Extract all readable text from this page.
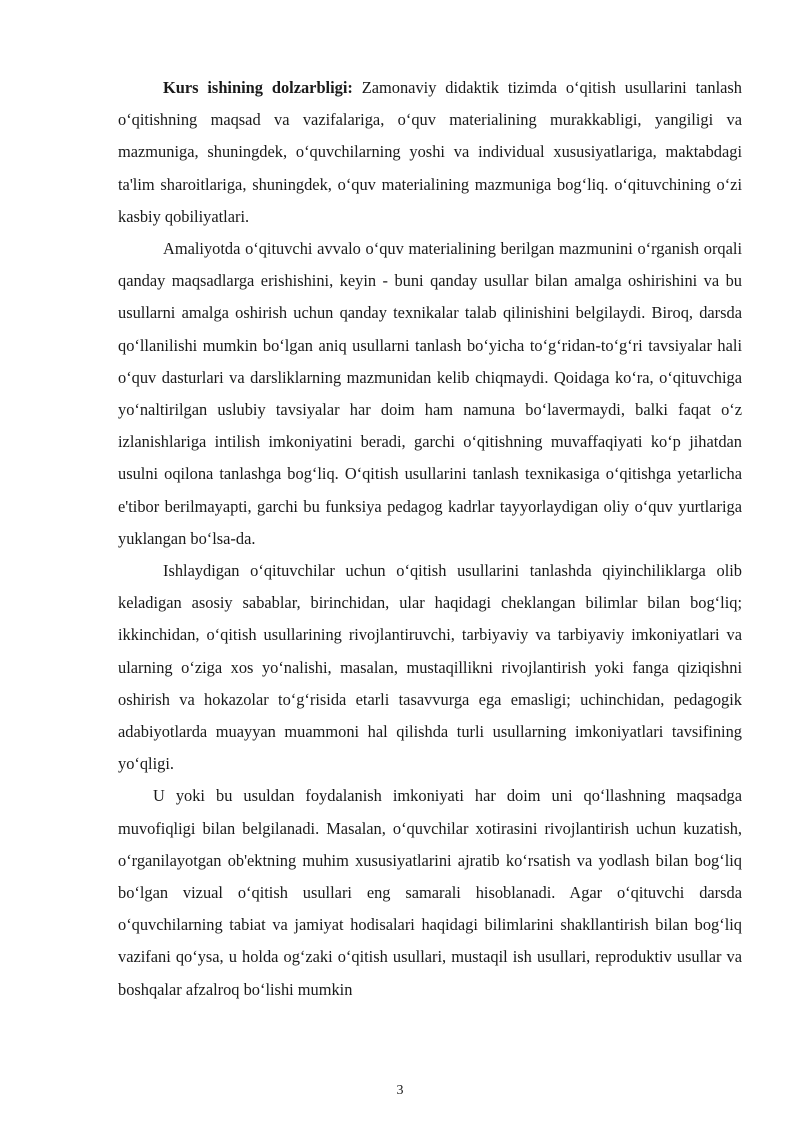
Kurs ishining dolzarbligi: Zamonaviy didaktik tizimda o‘qitish usullarini tanlash o‘qitishning maqsad va vazifalariga, o‘quv materialining murakkabligi, yangiligi va mazmuniga, shuningdek, o‘quvchilarning yoshi va individual xususiyatlariga, maktabdagi ta'lim sharoitlariga, shuningdek, o‘quv materialining mazmuniga bog‘liq. o‘qituvchining o‘zi kasbiy qobiliyatlari.

Amaliyotda o‘qituvchi avvalo o‘quv materialining berilgan mazmunini o‘rganish orqali qanday maqsadlarga erishishini, keyin - buni qanday usullar bilan amalga oshirishini va bu usullarni amalga oshirish uchun qanday texnikalar talab qilinishini belgilaydi. Biroq, darsda qo‘llanilishi mumkin bo‘lgan aniq usullarni tanlash bo‘yicha to‘g‘ridan-to‘g‘ri tavsiyalar hali o‘quv dasturlari va darsliklarning mazmunidan kelib chiqmaydi. Qoidaga ko‘ra, o‘qituvchiga yo‘naltirilgan uslubiy tavsiyalar har doim ham namuna bo‘lavermaydi, balki faqat o‘z izlanishlariga intilish imkoniyatini beradi, garchi o‘qitishning muvaffaqiyati ko‘p jihatdan usulni oqilona tanlashga bog‘liq. O‘qitish usullarini tanlash texnikasiga o‘qitishga yetarlicha e'tibor berilmayapti, garchi bu funksiya pedagog kadrlar tayyorlaydigan oliy o‘quv yurtlariga yuklangan bo‘lsa-da.

Ishlaydigan o‘qituvchilar uchun o‘qitish usullarini tanlashda qiyinchiliklarga olib keladigan asosiy sabablar, birinchidan, ular haqidagi cheklangan bilimlar bilan bog‘liq; ikkinchidan, o‘qitish usullarining rivojlantiruvchi, tarbiyaviy va tarbiyaviy imkoniyatlari va ularning o‘ziga xos yo‘nalishi, masalan, mustaqillikni rivojlantirish yoki fanga qiziqishni oshirish va hokazolar to‘g‘risida etarli tasavvurga ega emasligi; uchinchidan, pedagogik adabiyotlarda muayyan muammoni hal qilishda turli usullarning imkoniyatlari tavsifining yo‘qligi.

U yoki bu usuldan foydalanish imkoniyati har doim uni qo‘llashning maqsadga muvofiqligi bilan belgilanadi. Masalan, o‘quvchilar xotirasini rivojlantirish uchun kuzatish, o‘rganilayotgan ob'ektning muhim xususiyatlarini ajratib ko‘rsatish va yodlash bilan bog‘liq bo‘lgan vizual o‘qitish usullari eng samarali hisoblanadi. Agar o‘qituvchi darsda o‘quvchilarning tabiat va jamiyat hodisalari haqidagi bilimlarini shakllantirish bilan bog‘liq vazifani qo‘ysa, u holda og‘zaki o‘qitish usullari, mustaqil ish usullari, reproduktiv usullar va boshqalar afzalroq bo‘lishi mumkin

3
